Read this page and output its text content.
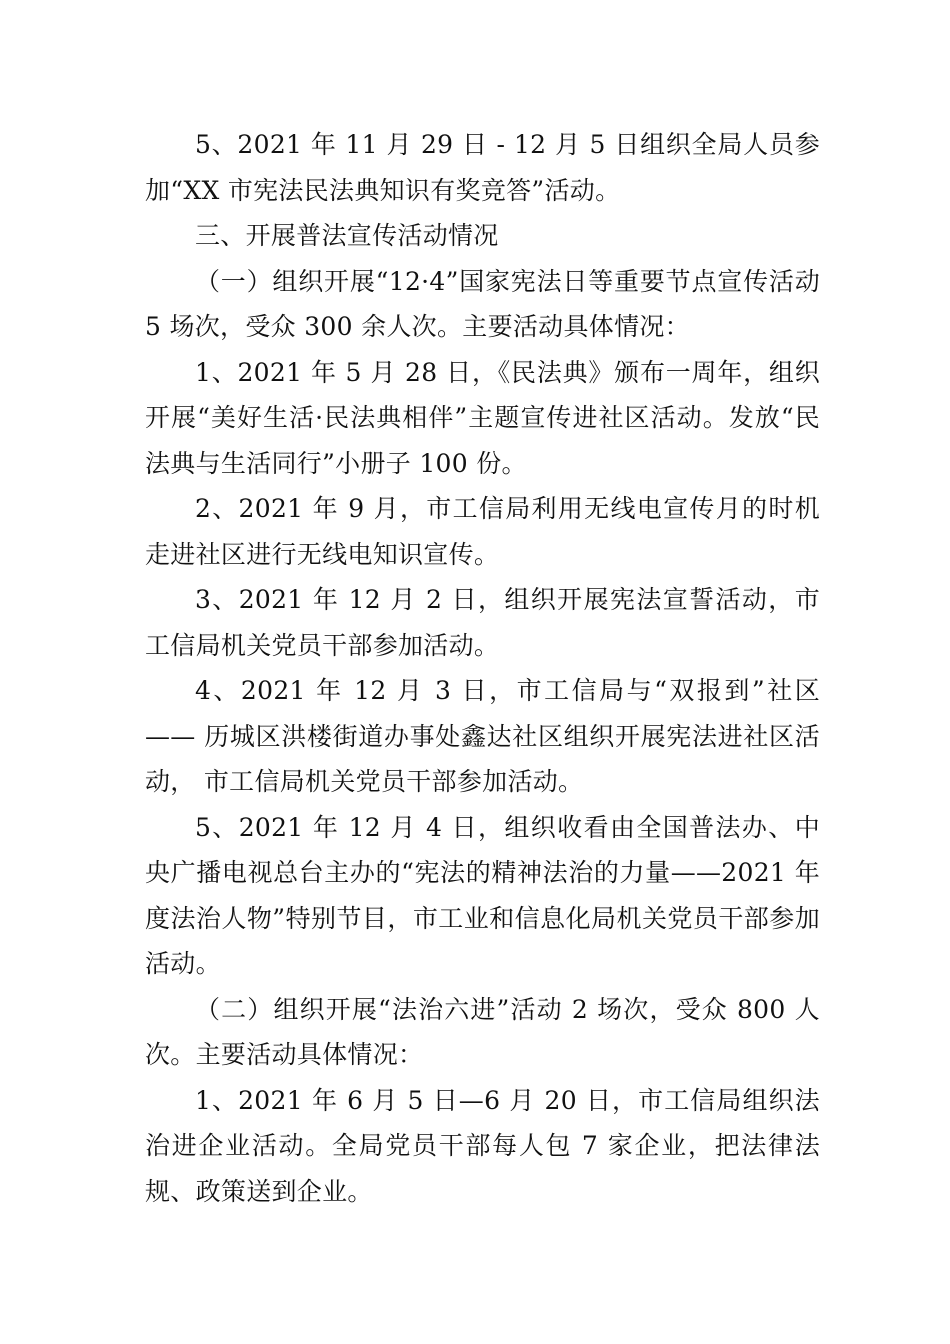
5、2021 年 11 月 29 日 - 12 月 5 日组织全局人员参加“XX 市宪法民法典知识有奖竞答”活动。

三、开展普法宣传活动情况

（一）组织开展“12·4”国家宪法日等重要节点宣传活动 5 场次，受众 300 余人次。主要活动具体情况：

1、2021 年 5 月 28 日，《民法典》颁布一周年，组织开展“美好生活·民法典相伴”主题宣传进社区活动。发放“民法典与生活同行”小册子 100 份。

2、2021 年 9 月，市工信局利用无线电宣传月的时机走进社区进行无线电知识宣传。

3、2021 年 12 月 2 日，组织开展宪法宣誓活动，市工信局机关党员干部参加活动。

4、2021 年 12 月 3 日，市工信局与“双报到”社区—— 历城区洪楼街道办事处鑫达社区组织开展宪法进社区活动， 市工信局机关党员干部参加活动。

5、2021 年 12 月 4 日，组织收看由全国普法办、中央广播电视总台主办的“宪法的精神法治的力量——2021 年度法治人物”特别节目，市工业和信息化局机关党员干部参加活动。

（二）组织开展“法治六进”活动 2 场次，受众 800 人次。主要活动具体情况：

1、2021 年 6 月 5 日—6 月 20 日，市工信局组织法治进企业活动。全局党员干部每人包 7 家企业，把法律法规、政策送到企业。
